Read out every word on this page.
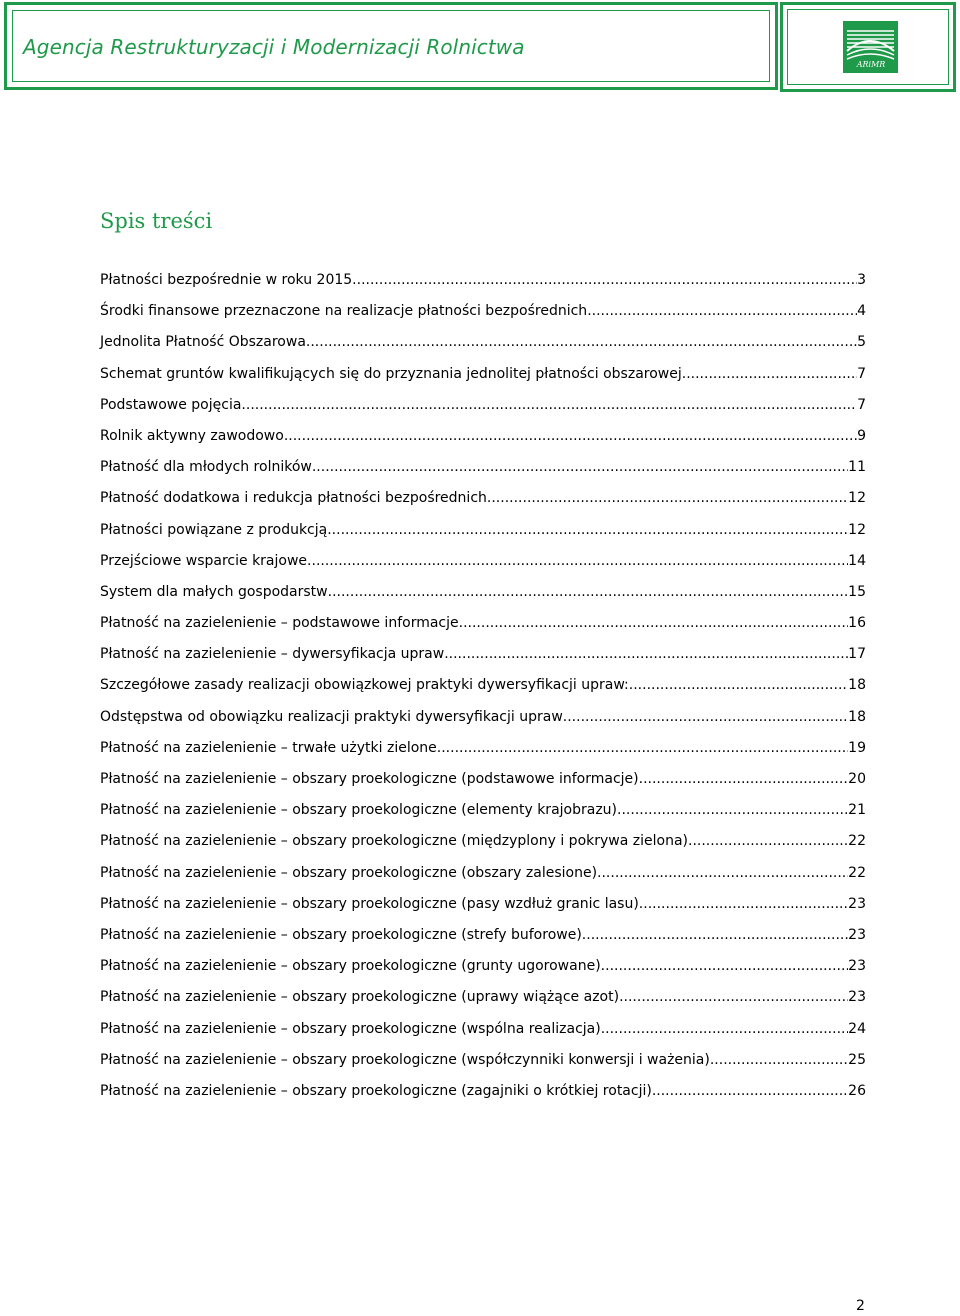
Agencja Restrukturyzacji i Modernizacji Rolnictwa
ARiMR
Spis treści
Płatności bezpośrednie w roku 2015 .....	3
Środki finansowe przeznaczone na realizacje płatności bezpośrednich .....	4
Jednolita Płatność Obszarowa .....	5
Schemat gruntów kwalifikujących się do przyznania jednolitej płatności obszarowej .....	7
Podstawowe pojęcia .....	7
Rolnik aktywny zawodowo .....	9
Płatność dla młodych rolników .....	11
Płatność dodatkowa i redukcja płatności bezpośrednich .....	12
Płatności powiązane z produkcją .....	12
Przejściowe wsparcie krajowe .....	14
System dla małych gospodarstw .....	15
Płatność na zazielenienie – podstawowe informacje .....	16
Płatność na zazielenienie – dywersyfikacja upraw .....	17
Szczegółowe zasady realizacji obowiązkowej praktyki dywersyfikacji upraw: .....	18
Odstępstwa od obowiązku realizacji praktyki dywersyfikacji upraw .....	18
Płatność na zazielenienie – trwałe użytki zielone .....	19
Płatność na zazielenienie – obszary proekologiczne (podstawowe informacje) .....	20
Płatność na zazielenienie – obszary proekologiczne (elementy krajobrazu) .....	21
Płatność na zazielenienie – obszary proekologiczne (międzyplony i pokrywa zielona) .....	22
Płatność na zazielenienie – obszary proekologiczne (obszary zalesione) .....	22
Płatność na zazielenienie – obszary proekologiczne (pasy wzdłuż granic lasu) .....	23
Płatność na zazielenienie – obszary proekologiczne (strefy buforowe) .....	23
Płatność na zazielenienie – obszary proekologiczne (grunty ugorowane) .....	23
Płatność na zazielenienie – obszary proekologiczne (uprawy wiążące azot) .....	23
Płatność na zazielenienie – obszary proekologiczne (wspólna realizacja) .....	24
Płatność na zazielenienie – obszary proekologiczne (współczynniki konwersji i ważenia) .....	25
Płatność na zazielenienie – obszary proekologiczne (zagajniki o krótkiej rotacji) .....	26
2
